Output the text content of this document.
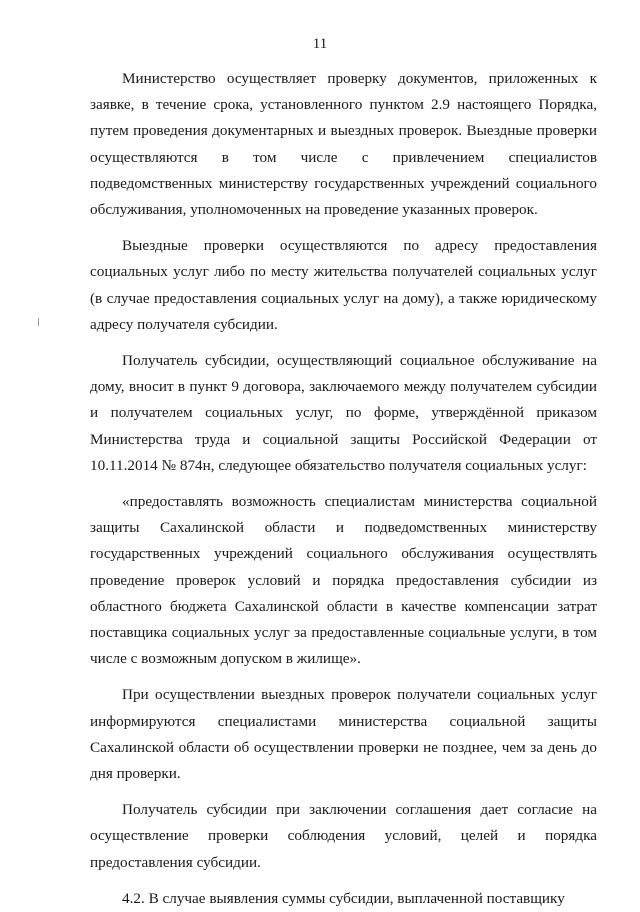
11

Министерство осуществляет проверку документов, приложенных к заявке, в течение срока, установленного пунктом 2.9 настоящего Порядка, путем проведения документарных и выездных проверок. Выездные проверки осуществляются в том числе с привлечением специалистов подведомственных министерству государственных учреждений социального обслуживания, уполномоченных на проведение указанных проверок.

Выездные проверки осуществляются по адресу предоставления социальных услуг либо по месту жительства получателей социальных услуг (в случае предоставления социальных услуг на дому), а также юридическому адресу получателя субсидии.

Получатель субсидии, осуществляющий социальное обслуживание на дому, вносит в пункт 9 договора, заключаемого между получателем субсидии и получателем социальных услуг, по форме, утверждённой приказом Министерства труда и социальной защиты Российской Федерации от 10.11.2014 № 874н, следующее обязательство получателя социальных услуг:

«предоставлять возможность специалистам министерства социальной защиты Сахалинской области и подведомственных министерству государственных учреждений социального обслуживания осуществлять проведение проверок условий и порядка предоставления субсидии из областного бюджета Сахалинской области в качестве компенсации затрат поставщика социальных услуг за предоставленные социальные услуги, в том числе с возможным допуском в жилище».

При осуществлении выездных проверок получатели социальных услуг информируются специалистами министерства социальной защиты Сахалинской области об осуществлении проверки не позднее, чем за день до дня проверки.

Получатель субсидии при заключении соглашения дает согласие на осуществление проверки соблюдения условий, целей и порядка предоставления субсидии.

4.2. В случае выявления суммы субсидии, выплаченной поставщику
